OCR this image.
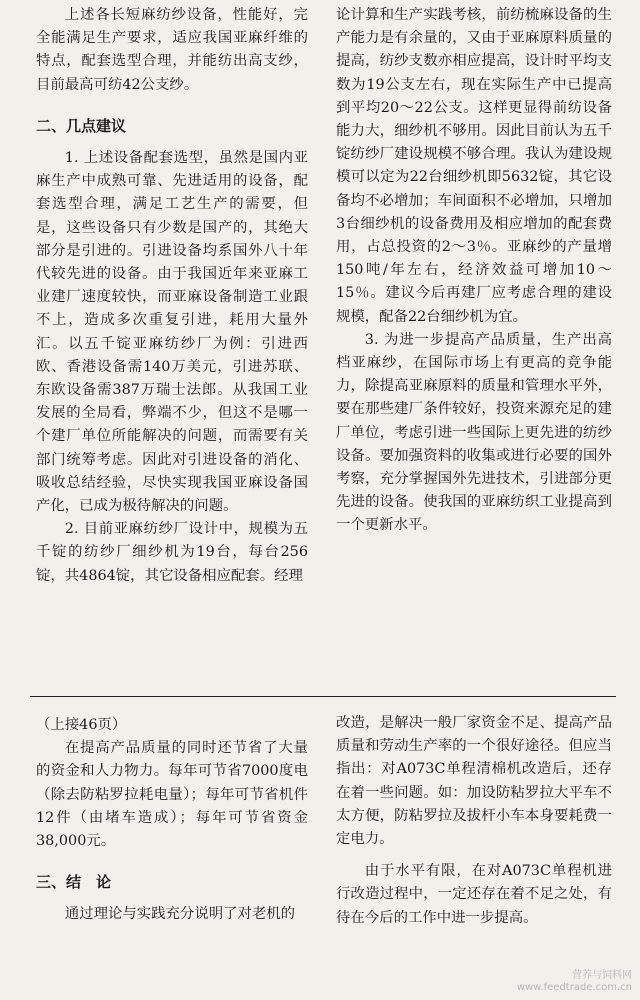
上述各长短麻纺纱设备，性能好，完全能满足生产要求，适应我国亚麻纤维的特点，配套选型合理，并能纺出高支纱，目前最高可纺42公支纱。

二、几点建议

1. 上述设备配套选型，虽然是国内亚麻生产中成熟可靠、先进适用的设备，配套选型合理，满足工艺生产的需要，但是，这些设备只有少数是国产的，其绝大部分是引进的。引进设备均系国外八十年代较先进的设备。由于我国近年来亚麻工业建厂速度较快，而亚麻设备制造工业跟不上，造成多次重复引进，耗用大量外汇。以五千锭亚麻纺纱厂为例：引进西欧、香港设备需140万美元，引进苏联、东欧设备需387万瑞士法郎。从我国工业发展的全局看，弊端不少，但这不是哪一个建厂单位所能解决的问题，而需要有关部门统筹考虑。因此对引进设备的消化、吸收总结经验，尽快实现我国亚麻设备国产化，已成为极待解决的问题。

2. 目前亚麻纺纱厂设计中，规模为五千锭的纺纱厂细纱机为19台，每台256锭，共4864锭，其它设备相应配套。经理

论计算和生产实践考核，前纺梳麻设备的生产能力是有余量的，又由于亚麻原料质量的提高，纺纱支数亦相应提高，设计时平均支数为19公支左右，现在实际生产中已提高到平均20～22公支。这样更显得前纺设备能力大，细纱机不够用。因此目前认为五千锭纺纱厂建设规模不够合理。我认为建设规模可以定为22台细纱机即5632锭，其它设备均不必增加；车间面积不必增加，只增加3台细纱机的设备费用及相应增加的配套费用，占总投资的2～3％。亚麻纱的产量增150吨/年左右，经济效益可增加10～15％。建议今后再建厂应考虑合理的建设规模，配备22台细纱机为宜。

3. 为进一步提高产品质量，生产出高档亚麻纱，在国际市场上有更高的竞争能力，除提高亚麻原料的质量和管理水平外，要在那些建厂条件较好，投资来源充足的建厂单位，考虑引进一些国际上更先进的纺纱设备。要加强资料的收集或进行必要的国外考察，充分掌握国外先进技术，引进部分更先进的设备。使我国的亚麻纺织工业提高到一个更新水平。

（上接46页）

在提高产品质量的同时还节省了大量的资金和人力物力。每年可节省7000度电（除去防粘罗拉耗电量）；每年可节省机件12件（由堵车造成）；每年可节省资金38,000元。

三、结　论

通过理论与实践充分说明了对老机的

改造，是解决一般厂家资金不足、提高产品质量和劳动生产率的一个很好途径。但应当指出：对A073C单程清棉机改造后，还存在着一些问题。如：加设防粘罗拉大平车不太方便，防粘罗拉及拔杆小车本身要耗费一定电力。

由于水平有限，在对A073C单程机进行改造过程中，一定还存在着不足之处，有待在今后的工作中进一步提高。

营养与饲料网
www.feedtrade.com.cn
